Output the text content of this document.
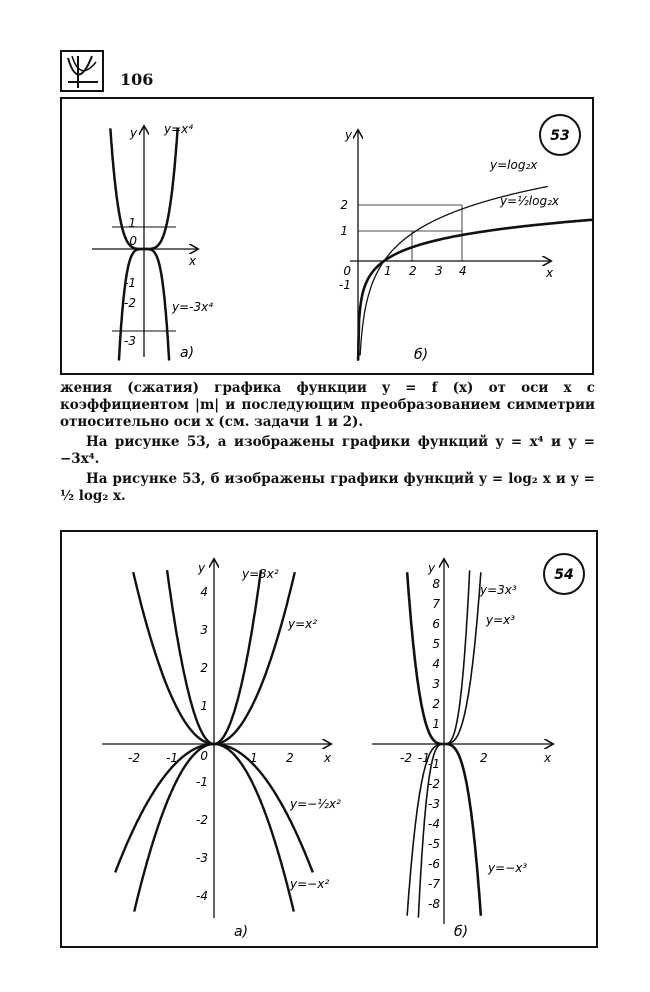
106
53
x
y
1
0
-1
-2
-3
y=x⁴
y=-3x⁴
a)
x
y
2
1
0
-1
1 2 3 4
y=log₂x
y=½log₂x
б)

жения (сжатия) графика функции y = f (x) от оси x с коэффициентом |m| и последующим преобразованием симметрии относительно оси x (см. задачи 1 и 2).

На рисунке 53, a изображены графики функций y = x⁴ и y = −3x⁴.

На рисунке 53, б изображены графики функций y = log₂ x и y = ½ log₂ x.

54
x
y
4
3
2
1
-1
-2
-3
-4
0
-2 -1	1 2
y=3x²
y=x²
y=−½x²
y=−x²
a)
x
y
8
7
6
5
4
3
2
1
-1
-2
-3
-4
-5
-6
-7
-8
-2 -1	2
y=3x³
y=x³
y=−x³
б)
